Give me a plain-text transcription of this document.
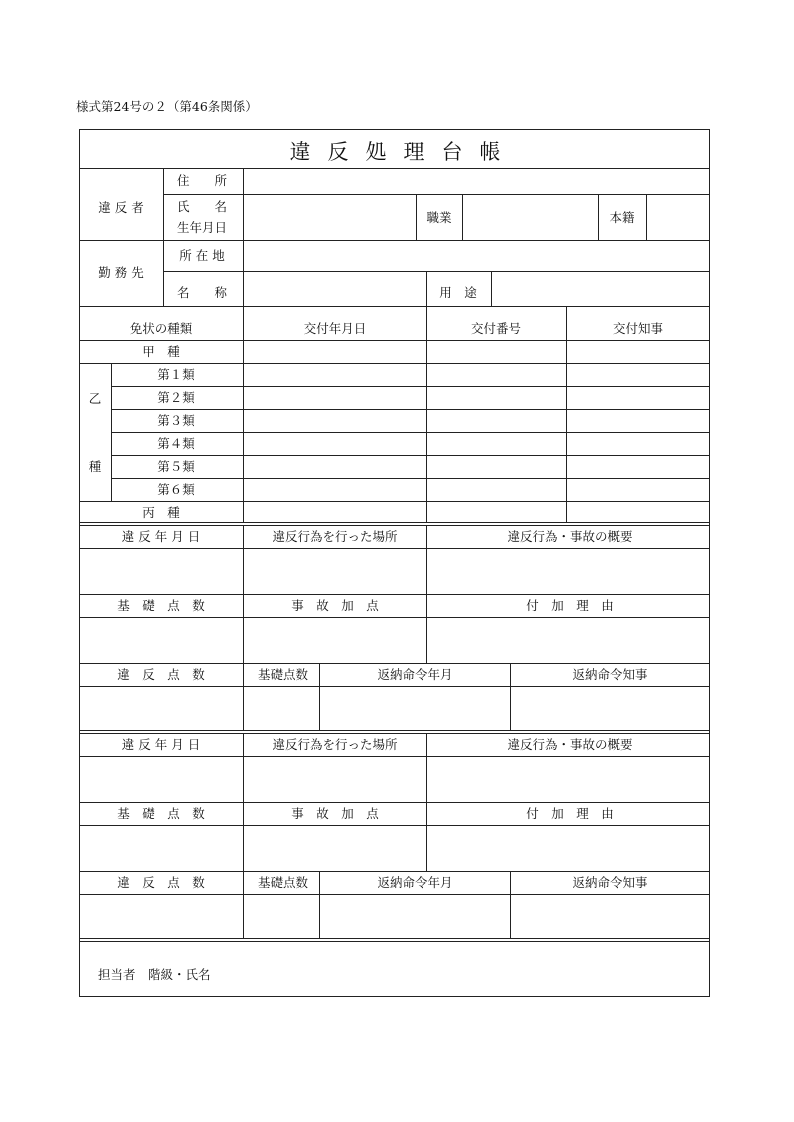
様式第24号の２（第46条関係）
違反処理台帳
違 反 者
住　　所
氏　　名
生年月日
職業	本籍
勤 務 先
所 在 地
名　　称	用　途
免状の種類	交付年月日	交付番号	交付知事
甲　種
乙
種
第１類
第２類
第３類
第４類
第５類
第６類
丙　種
違 反 年 月 日	違反行為を行った場所	違反行為・事故の概要
基　礎　点　数	事　故　加　点	付　加　理　由
違　反　点　数	基礎点数	返納命令年月	返納命令知事
違 反 年 月 日	違反行為を行った場所	違反行為・事故の概要
基　礎　点　数	事　故　加　点	付　加　理　由
違　反　点　数	基礎点数	返納命令年月	返納命令知事
担当者　階級・氏名
